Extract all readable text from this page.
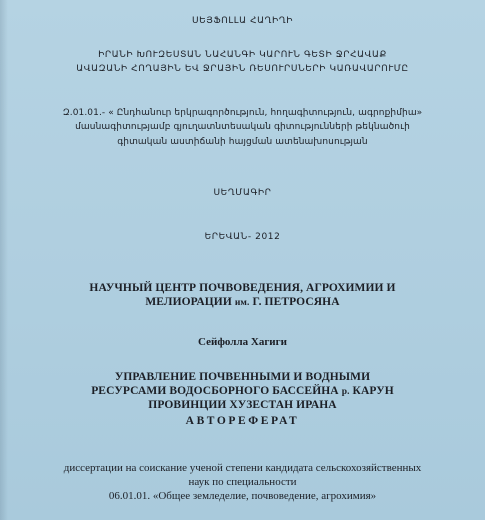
ՍԵՅՖՈԼԼԱ ՀԱՂԻՂԻ

ԻՐԱՆԻ ԽՈՒԶԵՍՏԱՆ ՆԱՀԱՆԳԻ ԿԱՐՈՒՆ ԳԵՏԻ ՋՐՀԱՎԱՔ

ԱՎԱԶԱՆԻ ՀՈՂԱՅԻՆ ԵՎ ՋՐԱՅԻՆ ՌԵՍՈՒՐՍՆԵՐԻ ԿԱՌԱՎԱՐՈՒՄԸ

Զ.01.01.- « Ընդհանուր երկրագործություն, հողագիտություն, ագրոքիմիա»

մասնագիտությամբ գյուղատնտեսական գիտությունների թեկնածուի

գիտական աստիճանի հայցման ատենախոսության

ՍԵՂՄԱԳԻՐ

ԵՐԵՎԱՆ- 2012

НАУЧНЫЙ ЦЕНТР ПОЧВОВЕДЕНИЯ, АГРОХИМИИ И

МЕЛИОРАЦИИ им. Г. ПЕТРОСЯНА

Сейфолла Хагиги

УПРАВЛЕНИЕ ПОЧВЕННЫМИ И ВОДНЫМИ

РЕСУРСАМИ ВОДОСБОРНОГО БАССЕЙНА р. КАРУН

ПРОВИНЦИИ ХУЗЕСТАН ИРАНА

АВТОРЕФЕРАТ

диссертации на соискание ученой степени кандидата сельскохозяйственных

наук по специальности

06.01.01. «Общее земледелие, почвоведение, агрохимия»
